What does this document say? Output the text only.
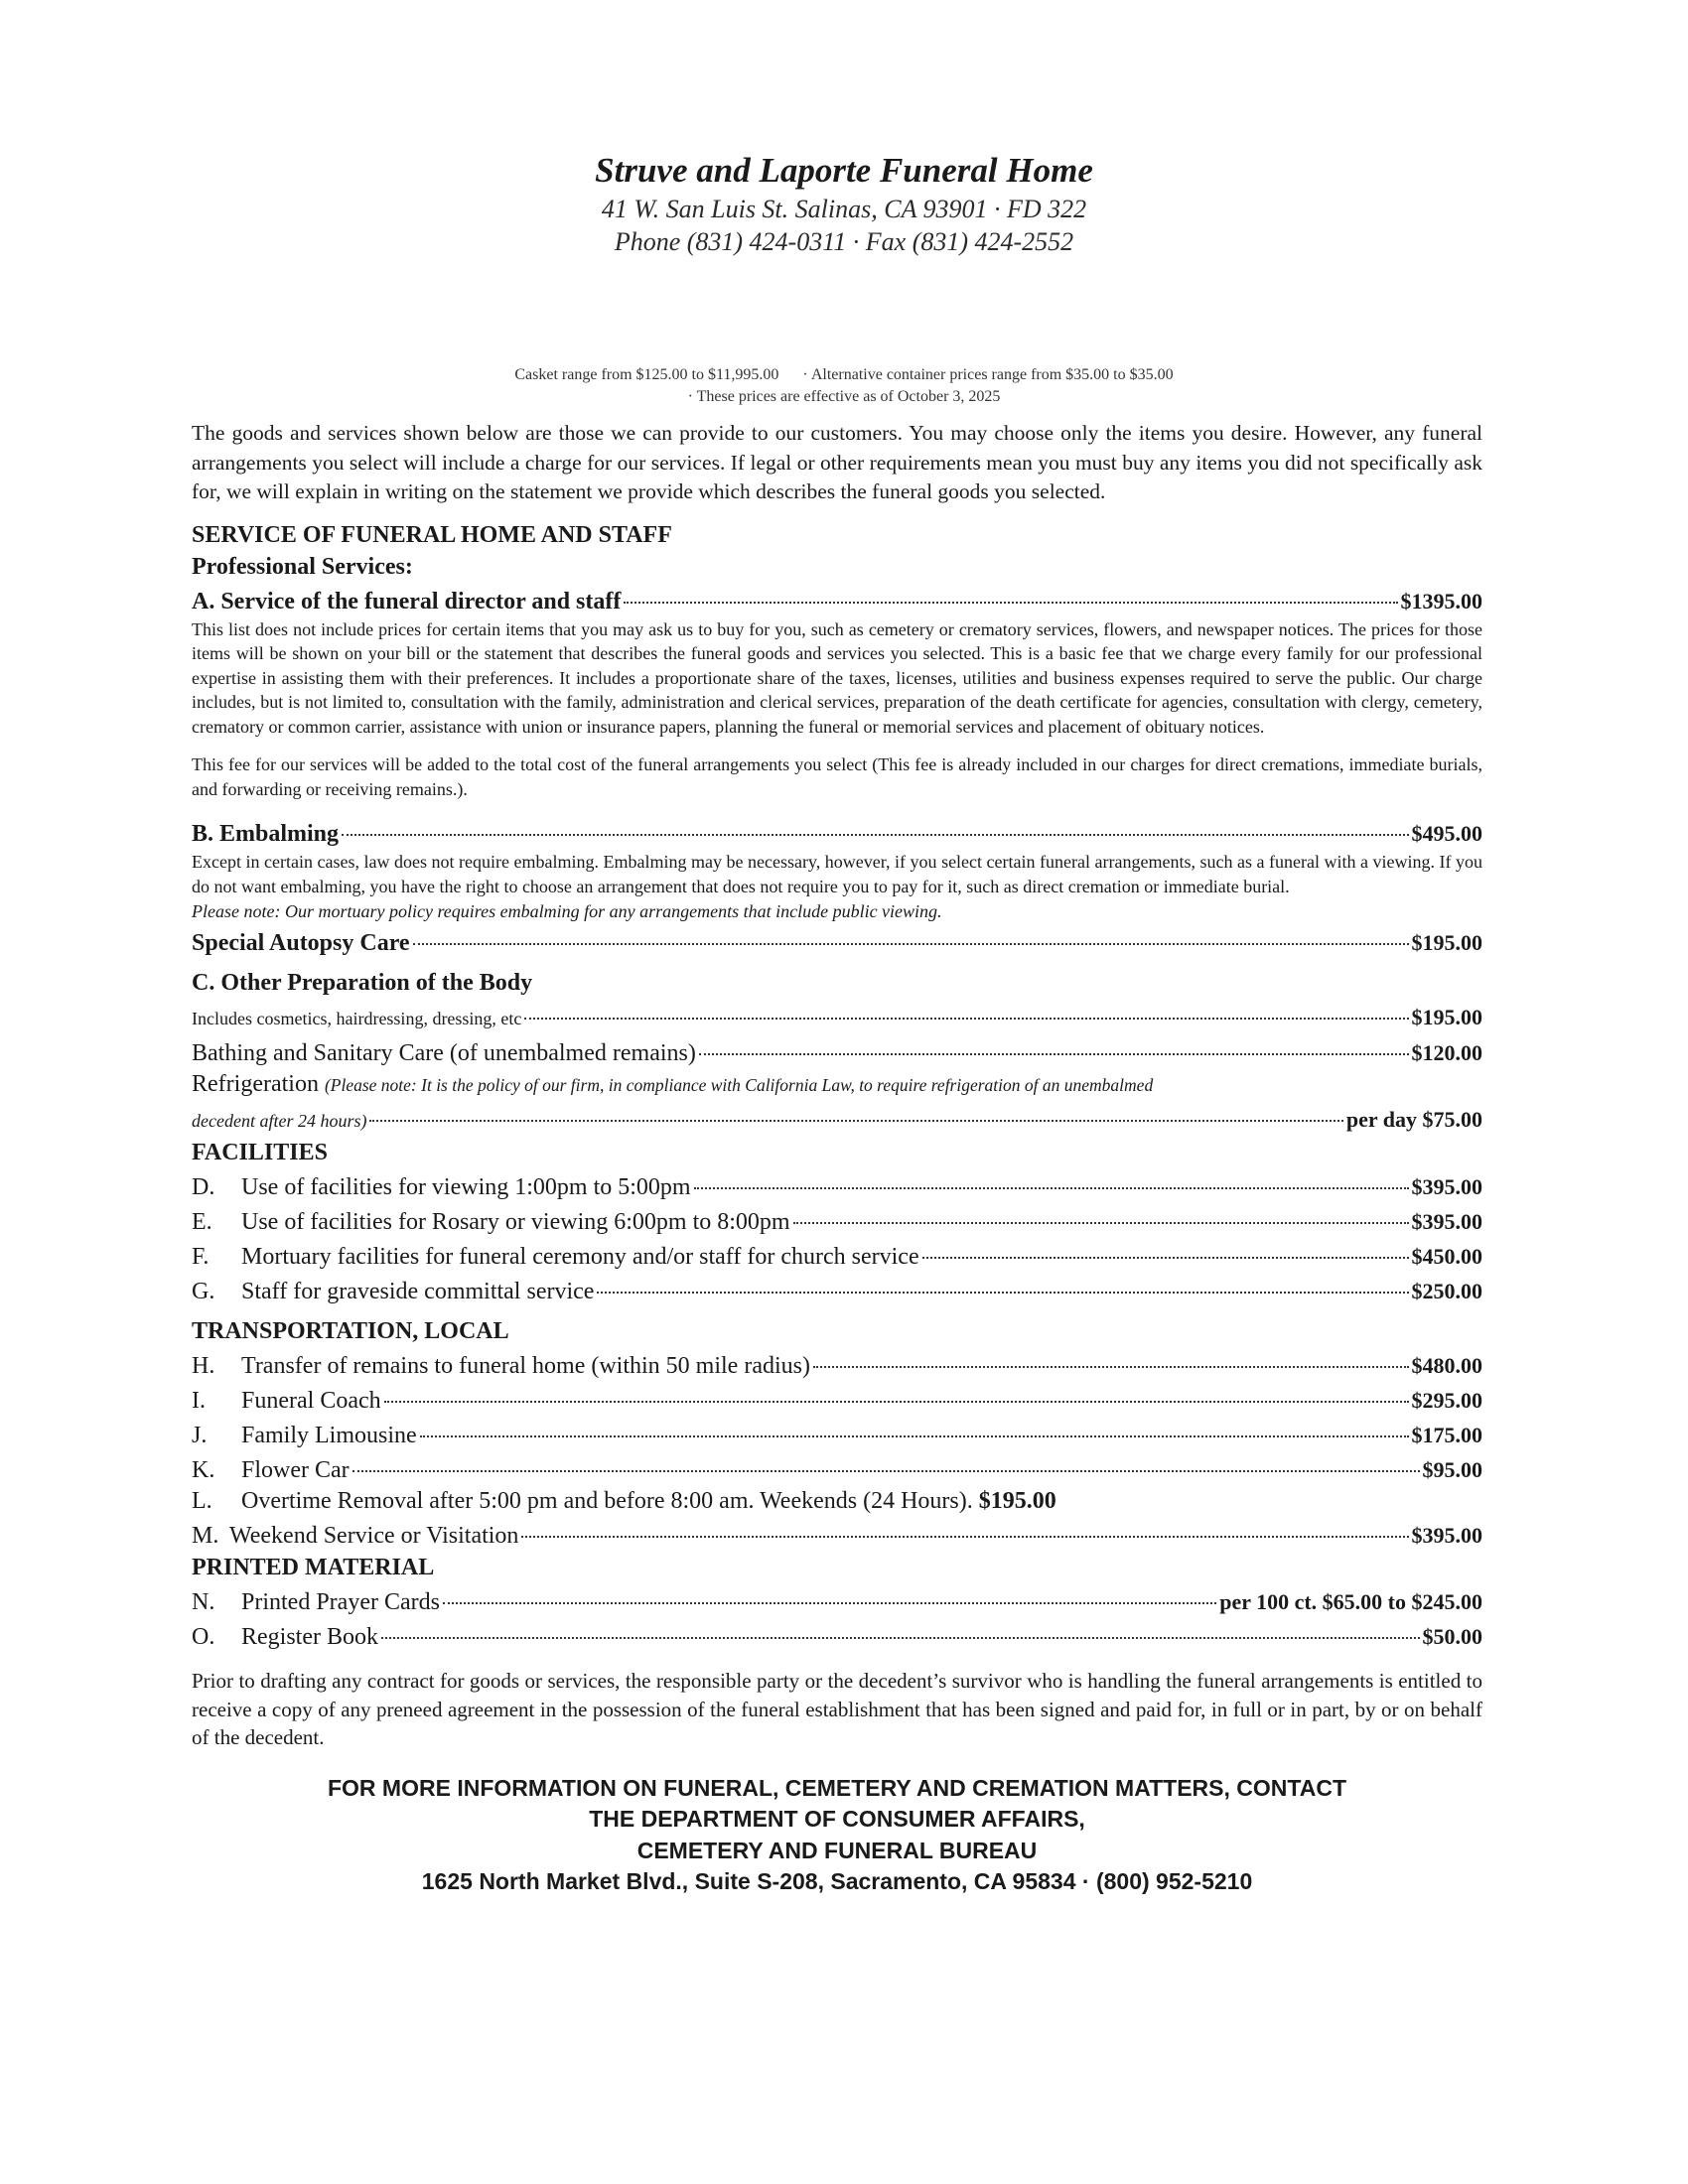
Struve and Laporte Funeral Home
41 W. San Luis St. Salinas, CA 93901 · FD 322
Phone (831) 424-0311 · Fax (831) 424-2552
Casket range from $125.00 to $11,995.00 · Alternative container prices range from $35.00 to $35.00
· These prices are effective as of October 3, 2025

The goods and services shown below are those we can provide to our customers. You may choose only the items you desire. However, any funeral arrangements you select will include a charge for our services. If legal or other requirements mean you must buy any items you did not specifically ask for, we will explain in writing on the statement we provide which describes the funeral goods you selected.

SERVICE OF FUNERAL HOME AND STAFF
Professional Services:
A. Service of the funeral director and staff	$1395.00

This list does not include prices for certain items that you may ask us to buy for you, such as cemetery or crematory services, flowers, and newspaper notices. The prices for those items will be shown on your bill or the statement that describes the funeral goods and services you selected. This is a basic fee that we charge every family for our professional expertise in assisting them with their preferences. It includes a proportionate share of the taxes, licenses, utilities and business expenses required to serve the public. Our charge includes, but is not limited to, consultation with the family, administration and clerical services, preparation of the death certificate for agencies, consultation with clergy, cemetery, crematory or common carrier, assistance with union or insurance papers, planning the funeral or memorial services and placement of obituary notices.

This fee for our services will be added to the total cost of the funeral arrangements you select (This fee is already included in our charges for direct cremations, immediate burials, and forwarding or receiving remains.).

B. Embalming	$495.00

Except in certain cases, law does not require embalming. Embalming may be necessary, however, if you select certain funeral arrangements, such as a funeral with a viewing. If you do not want embalming, you have the right to choose an arrangement that does not require you to pay for it, such as direct cremation or immediate burial.

Please note: Our mortuary policy requires embalming for any arrangements that include public viewing.
Special Autopsy Care	$195.00
C. Other Preparation of the Body
Includes cosmetics, hairdressing, dressing, etc	$195.00
Bathing and Sanitary Care (of unembalmed remains)	$120.00
Refrigeration (Please note: It is the policy of our firm, in compliance with California Law, to require refrigeration of an unembalmed
decedent after 24 hours)	per day $75.00
FACILITIES
D. Use of facilities for viewing 1:00pm to 5:00pm	$395.00
E. Use of facilities for Rosary or viewing 6:00pm to 8:00pm	$395.00
F. Mortuary facilities for funeral ceremony and/or staff for church service	$450.00
G. Staff for graveside committal service	$250.00
TRANSPORTATION, LOCAL
H. Transfer of remains to funeral home (within 50 mile radius)	$480.00
I. Funeral Coach	$295.00
J. Family Limousine	$175.00
K. Flower Car	$95.00
L. Overtime Removal after 5:00 pm and before 8:00 am. Weekends (24 Hours). $195.00
M. Weekend Service or Visitation	$395.00
PRINTED MATERIAL
N. Printed Prayer Cards	per 100 ct. $65.00 to $245.00
O. Register Book	$50.00

Prior to drafting any contract for goods or services, the responsible party or the decedent’s survivor who is handling the funeral arrangements is entitled to receive a copy of any preneed agreement in the possession of the funeral establishment that has been signed and paid for, in full or in part, by or on behalf of the decedent.

FOR MORE INFORMATION ON FUNERAL, CEMETERY AND CREMATION MATTERS, CONTACT
THE DEPARTMENT OF CONSUMER AFFAIRS,
CEMETERY AND FUNERAL BUREAU
1625 North Market Blvd., Suite S-208, Sacramento, CA 95834 · (800) 952-5210
